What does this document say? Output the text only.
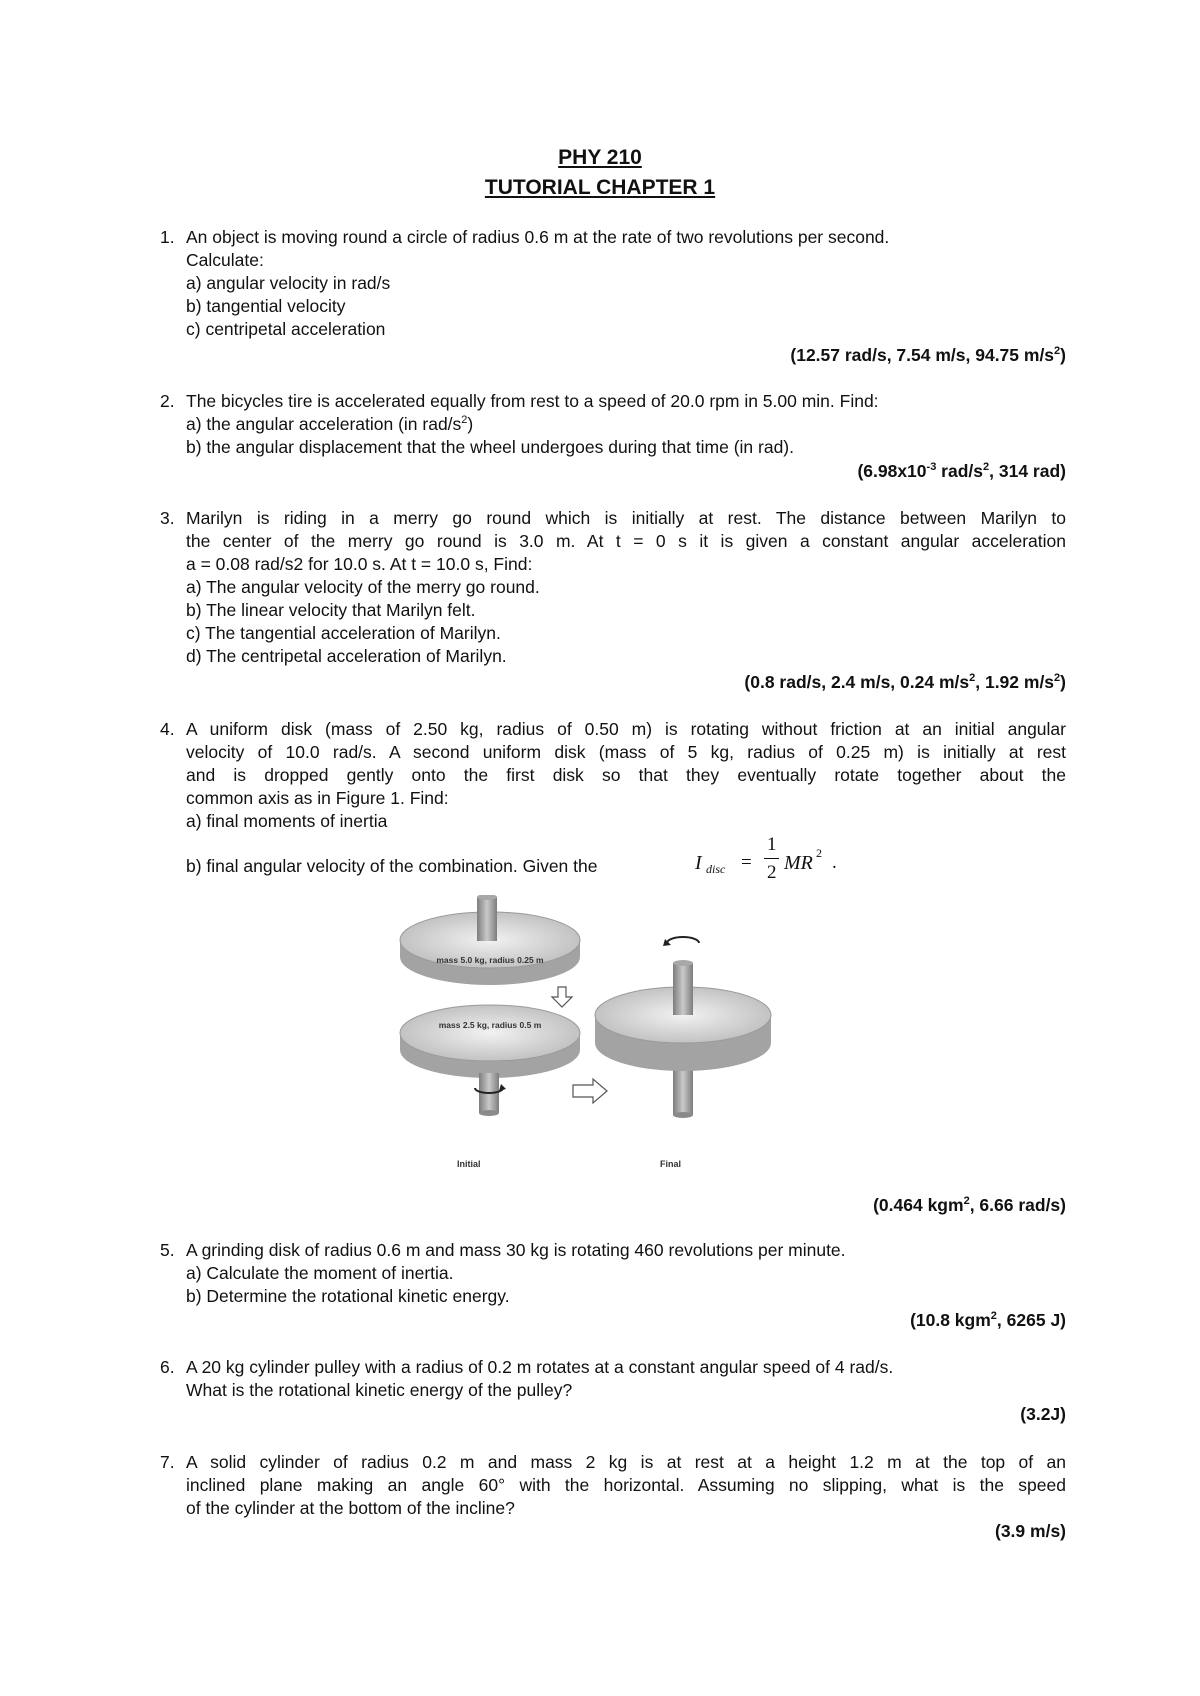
PHY 210
TUTORIAL CHAPTER 1
1. An object is moving round a circle of radius 0.6 m at the rate of two revolutions per second.
Calculate:
a) angular velocity in rad/s
b) tangential velocity
c) centripetal acceleration
(12.57 rad/s, 7.54 m/s, 94.75 $m/s^2$)
2. The bicycles tire is accelerated equally from rest to a speed of 20.0 rpm in 5.00 min. Find:
a) the angular acceleration (in rad/$s^2$)
b) the angular displacement that the wheel undergoes during that time (in rad).
($6.98x10^{-3}$ rad/$s^2$, 314 rad)
3. Marilyn is riding in a merry go round which is initially at rest. The distance between Marilyn to
the center of the merry go round is 3.0 m. At t = 0 s it is given a constant angular acceleration
a = 0.08 rad/s2 for 10.0 s. At t = 10.0 s, Find:
a) The angular velocity of the merry go round.
b) The linear velocity that Marilyn felt.
c) The tangential acceleration of Marilyn.
d) The centripetal acceleration of Marilyn.
(0.8 rad/s, 2.4 m/s, 0.24 $m/s^2$, 1.92 $m/s^2$)
4. A uniform disk (mass of 2.50 kg, radius of 0.50 m) is rotating without friction at an initial angular
velocity of 10.0 rad/s. A second uniform disk (mass of 5 kg, radius of 0.25 m) is initially at rest
and is dropped gently onto the first disk so that they eventually rotate together about the
common axis as in Figure 1. Find:
a) final moments of inertia
b) final angular velocity of the combination. Given the	I disc =
1
2 MR 2 .
mass 5.0 kg, radius 0.25 m
mass 2.5 kg, radius 0.5 m
Initial	Final
(0.464 kgm$^2$, 6.66 rad/s)
5. A grinding disk of radius 0.6 m and mass 30 kg is rotating 460 revolutions per minute.
a) Calculate the moment of inertia.
b) Determine the rotational kinetic energy.
(10.8 kgm$^2$, 6265 J)
6. A 20 kg cylinder pulley with a radius of 0.2 m rotates at a constant angular speed of 4 rad/s.
What is the rotational kinetic energy of the pulley?
(3.2J)
7. A solid cylinder of radius 0.2 m and mass 2 kg is at rest at a height 1.2 m at the top of an
inclined plane making an angle 60° with the horizontal. Assuming no slipping, what is the speed
of the cylinder at the bottom of the incline?
(3.9 m/s)
